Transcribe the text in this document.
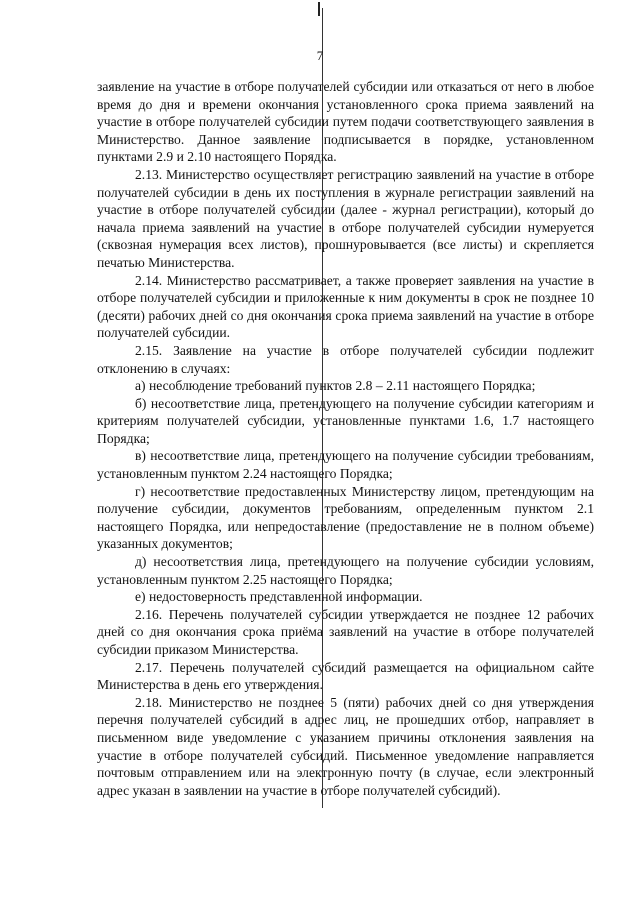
7

заявление на участие в отборе получателей субсидии или отказаться от него в любое время до дня и времени окончания установленного срока приема заявлений на участие в отборе получателей субсидии путем подачи соответствующего заявления в Министерство. Данное заявление подписывается в порядке, установленном пунктами 2.9 и 2.10 настоящего Порядка.

2.13. Министерство осуществляет регистрацию заявлений на участие в отборе получателей субсидии в день их поступления в журнале регистрации заявлений на участие в отборе получателей субсидии (далее - журнал регистрации), который до начала приема заявлений на участие в отборе получателей субсидии нумеруется (сквозная нумерация всех листов), прошнуровывается (все листы) и скрепляется печатью Министерства.

2.14. Министерство рассматривает, а также проверяет заявления на участие в отборе получателей субсидии и приложенные к ним документы в срок не позднее 10 (десяти) рабочих дней со дня окончания срока приема заявлений на участие в отборе получателей субсидии.

2.15. Заявление на участие в отборе получателей субсидии подлежит отклонению в случаях:

а) несоблюдение требований пунктов 2.8 – 2.11 настоящего Порядка;

б) несоответствие лица, претендующего на получение субсидии категориям и критериям получателей субсидии, установленные пунктами 1.6, 1.7 настоящего Порядка;

в) несоответствие лица, претендующего на получение субсидии требованиям, установленным пунктом 2.24 настоящего Порядка;

г) несоответствие предоставленных Министерству лицом, претендующим на получение субсидии, документов требованиям, определенным пунктом 2.1 настоящего Порядка, или непредоставление (предоставление не в полном объеме) указанных документов;

д) несоответствия лица, претендующего на получение субсидии условиям, установленным пунктом 2.25 настоящего Порядка;

е) недостоверность представленной информации.

2.16. Перечень получателей субсидии утверждается не позднее 12 рабочих дней со дня окончания срока приёма заявлений на участие в отборе получателей субсидии приказом Министерства.

2.17. Перечень получателей субсидий размещается на официальном сайте Министерства в день его утверждения.

2.18. Министерство не позднее 5 (пяти) рабочих дней со дня утверждения перечня получателей субсидий в адрес лиц, не прошедших отбор, направляет в письменном виде уведомление с указанием причины отклонения заявления на участие в отборе получателей субсидий. Письменное уведомление направляется почтовым отправлением или на электронную почту (в случае, если электронный адрес указан в заявлении на участие в отборе получателей субсидий).
